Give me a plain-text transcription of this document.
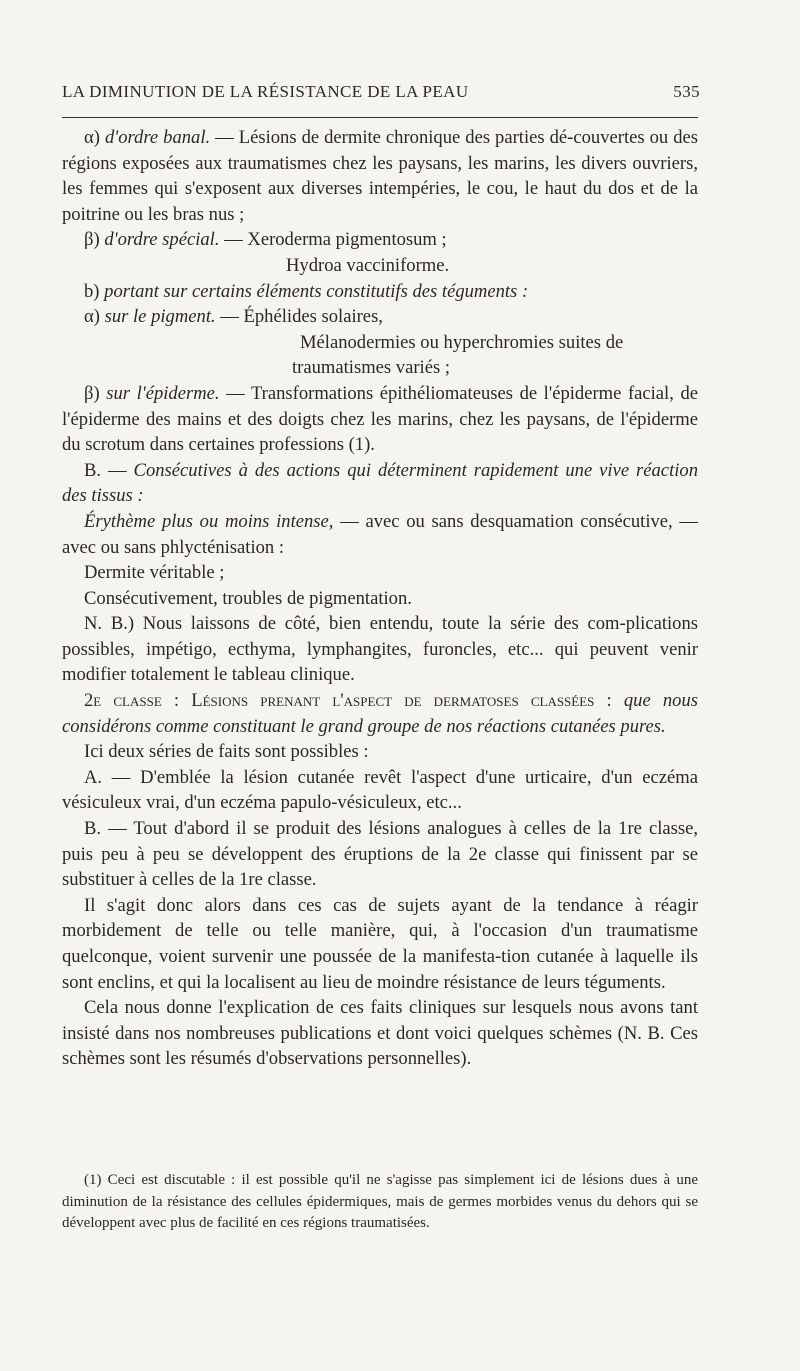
LA DIMINUTION DE LA RÉSISTANCE DE LA PEAU	535

α) d'ordre banal. — Lésions de dermite chronique des parties dé-couvertes ou des régions exposées aux traumatismes chez les paysans, les marins, les divers ouvriers, les femmes qui s'exposent aux diverses intempéries, le cou, le haut du dos et de la poitrine ou les bras nus ;

β) d'ordre spécial. — Xeroderma pigmentosum ;

Hydroa vacciniforme.

b) portant sur certains éléments constitutifs des téguments :

α) sur le pigment. — Éphélides solaires,

Mélanodermies ou hyperchromies suites de

traumatismes variés ;

β) sur l'épiderme. — Transformations épithéliomateuses de l'épiderme facial, de l'épiderme des mains et des doigts chez les marins, chez les paysans, de l'épiderme du scrotum dans certaines professions (1).

B. — Consécutives à des actions qui déterminent rapidement une vive réaction des tissus :

Érythème plus ou moins intense, — avec ou sans desquamation consécutive, — avec ou sans phlycténisation :

Dermite véritable ;

Consécutivement, troubles de pigmentation.

N. B.) Nous laissons de côté, bien entendu, toute la série des com-plications possibles, impétigo, ecthyma, lymphangites, furoncles, etc... qui peuvent venir modifier totalement le tableau clinique.

2e classe : Lésions prenant l'aspect de dermatoses classées : que nous considérons comme constituant le grand groupe de nos réactions cutanées pures.

Ici deux séries de faits sont possibles :

A. — D'emblée la lésion cutanée revêt l'aspect d'une urticaire, d'un eczéma vésiculeux vrai, d'un eczéma papulo-vésiculeux, etc...

B. — Tout d'abord il se produit des lésions analogues à celles de la 1re classe, puis peu à peu se développent des éruptions de la 2e classe qui finissent par se substituer à celles de la 1re classe.

Il s'agit donc alors dans ces cas de sujets ayant de la tendance à réagir morbidement de telle ou telle manière, qui, à l'occasion d'un traumatisme quelconque, voient survenir une poussée de la manifesta-tion cutanée à laquelle ils sont enclins, et qui la localisent au lieu de moindre résistance de leurs téguments.

Cela nous donne l'explication de ces faits cliniques sur lesquels nous avons tant insisté dans nos nombreuses publications et dont voici quelques schèmes (N. B. Ces schèmes sont les résumés d'observations personnelles).

(1) Ceci est discutable : il est possible qu'il ne s'agisse pas simplement ici de lésions dues à une diminution de la résistance des cellules épidermiques, mais de germes morbides venus du dehors qui se développent avec plus de facilité en ces régions traumatisées.
